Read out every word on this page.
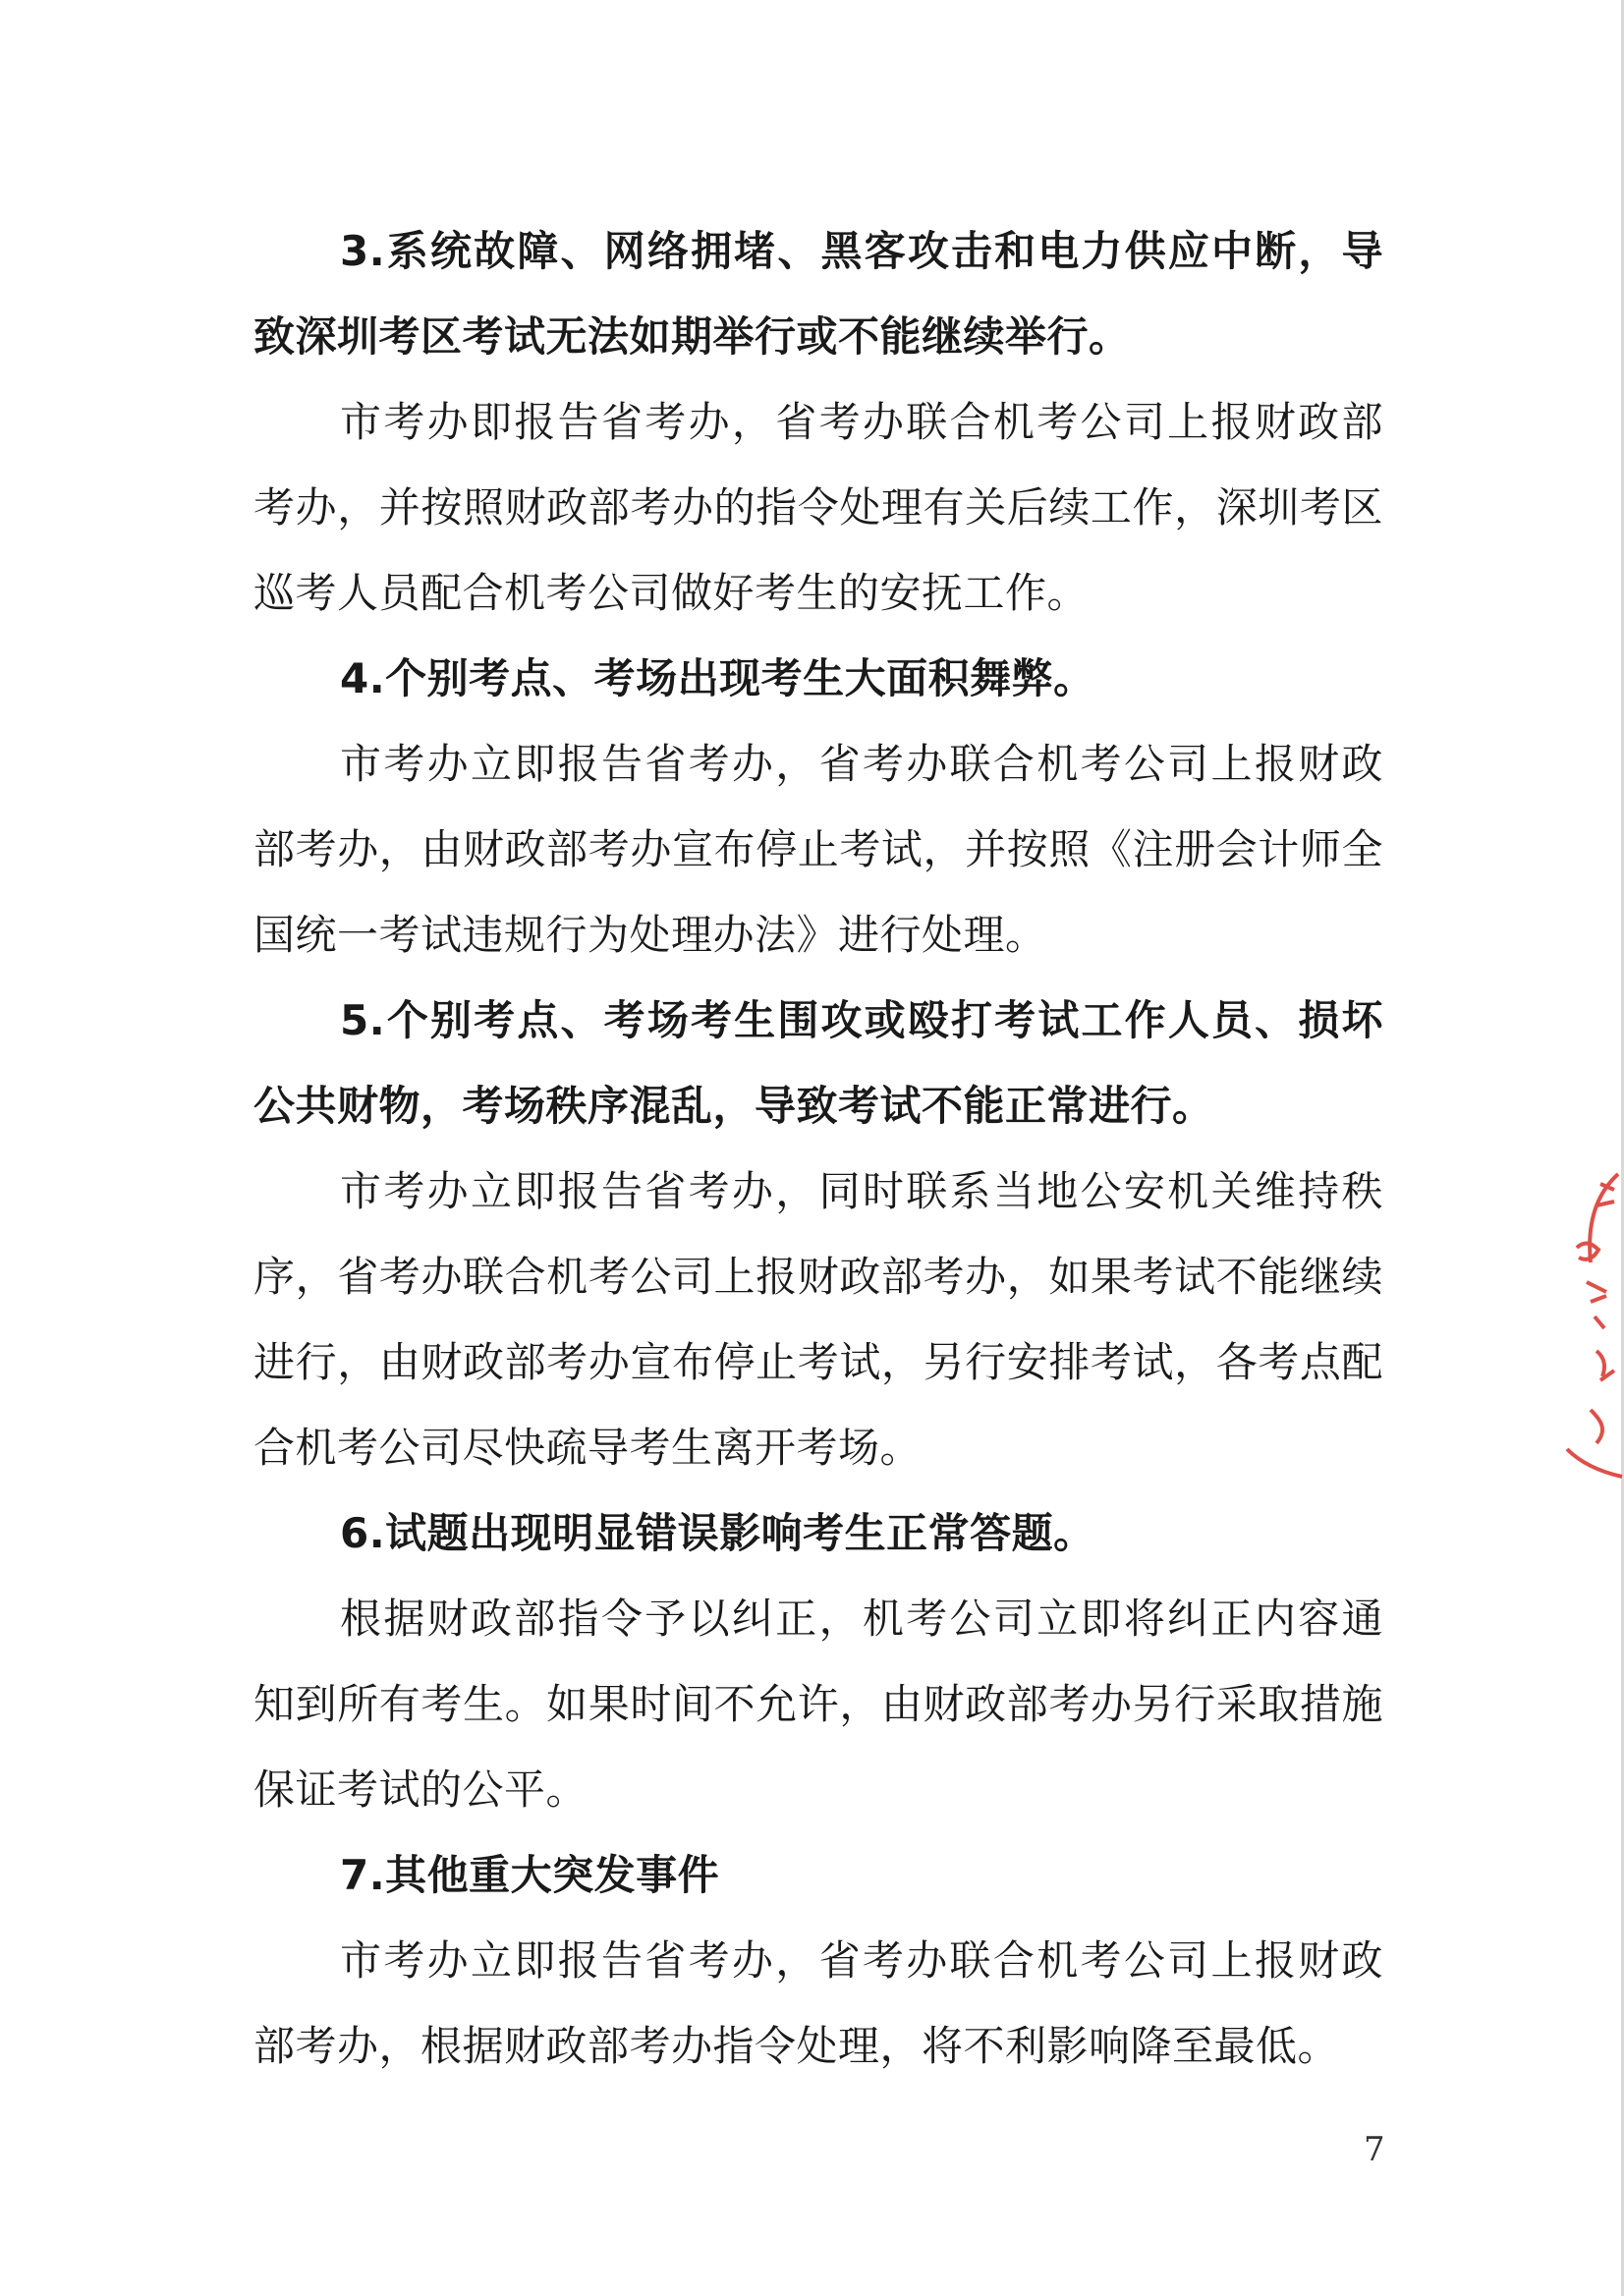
3.系统故障、网络拥堵、黑客攻击和电力供应中断，导致深圳考区考试无法如期举行或不能继续举行。

市考办即报告省考办，省考办联合机考公司上报财政部考办，并按照财政部考办的指令处理有关后续工作，深圳考区巡考人员配合机考公司做好考生的安抚工作。

4.个别考点、考场出现考生大面积舞弊。

市考办立即报告省考办，省考办联合机考公司上报财政部考办，由财政部考办宣布停止考试，并按照《注册会计师全国统一考试违规行为处理办法》进行处理。

5.个别考点、考场考生围攻或殴打考试工作人员、损坏公共财物，考场秩序混乱，导致考试不能正常进行。

市考办立即报告省考办，同时联系当地公安机关维持秩序，省考办联合机考公司上报财政部考办，如果考试不能继续进行，由财政部考办宣布停止考试，另行安排考试，各考点配合机考公司尽快疏导考生离开考场。

6.试题出现明显错误影响考生正常答题。

根据财政部指令予以纠正，机考公司立即将纠正内容通知到所有考生。如果时间不允许，由财政部考办另行采取措施保证考试的公平。

7.其他重大突发事件

市考办立即报告省考办，省考办联合机考公司上报财政部考办，根据财政部考办指令处理，将不利影响降至最低。

7
